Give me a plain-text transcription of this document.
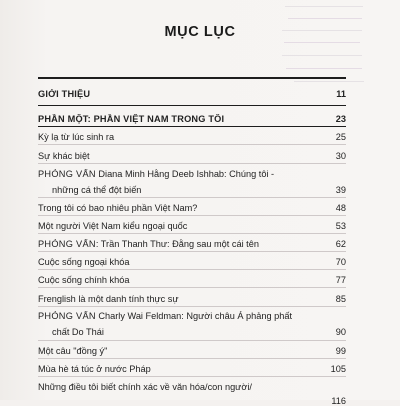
MỤC LỤC
GIỚI THIỆU	11
PHẦN MỘT: PHẦN VIỆT NAM TRONG TÔI	23
Kỳ lạ từ lúc sinh ra	25
Sự khác biệt	30
PHỎNG VẤN Diana Minh Hằng Deeb Ishhab: Chúng tôi -
những cá thể đột biến	39
Trong tôi có bao nhiêu phần Việt Nam?	48
Một người Việt Nam kiểu ngoại quốc	53
PHỎNG VẤN: Trần Thanh Thư: Đằng sau một cái tên	62
Cuộc sống ngoại khóa	70
Cuộc sống chính khóa	77
Frenglish là một danh tính thực sự	85
PHỎNG VẤN Charly Wai Feldman: Người châu Á phảng phất
chất Do Thái	90
Một câu "đồng ý"	99
Mùa hè tá túc ở nước Pháp	105
Những điều tôi biết chính xác về văn hóa/con người/
116
